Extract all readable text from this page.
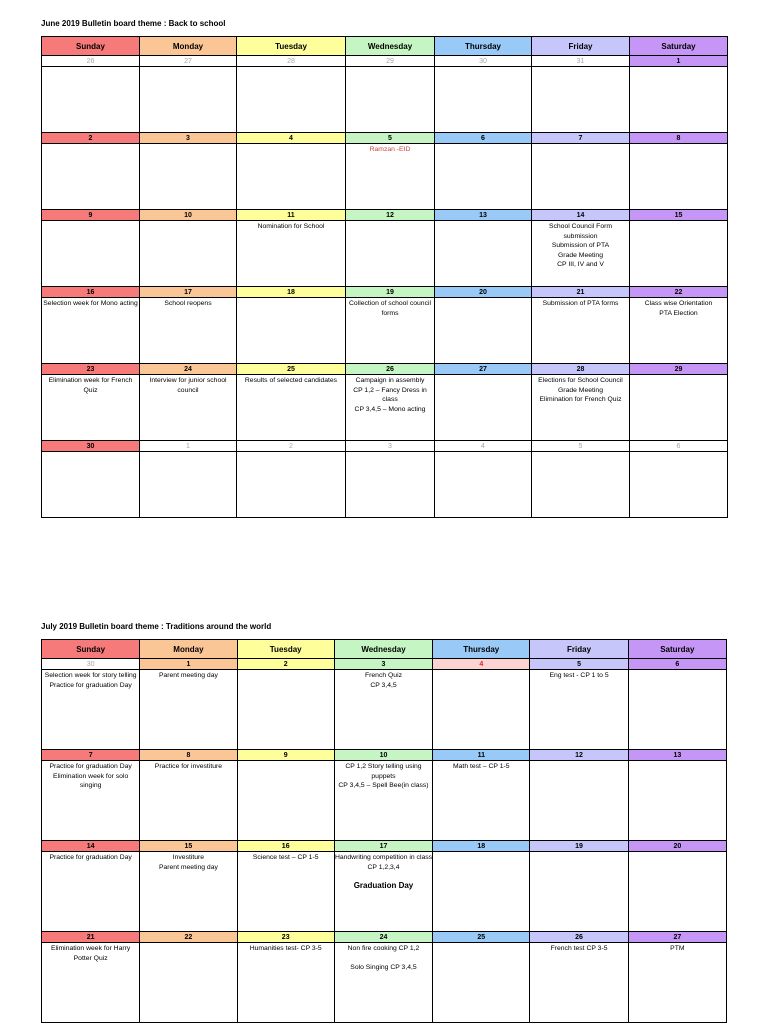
June 2019 Bulletin board theme : Back to school
Sunday	Monday	Tuesday	Wednesday	Thursday	Friday	Saturday
26	27	28	29	30	31	1

2	3	4	5	6	7	8

			Ramzan -EID			

9	10	11	12	13	14	15

		Nomination for School			School Council Form submission
Submission of PTA
Grade Meeting
CP III, IV and V	

16	17	18	19	20	21	22

Selection week for Mono acting	School reopens		Collection of school council forms		Submission of PTA forms	Class wise Orientation
PTA Election

23	24	25	26	27	28	29

Elimination week for French Quiz	Interview for junior school council	Results of selected candidates	Campaign in assembly
CP 1,2 – Fancy Dress in class
CP 3,4,5 – Mono acting		Elections for School Council
Grade Meeting
Elimination for French Quiz	

30	1	2	3	4	5	6

July 2019 Bulletin board theme : Traditions around the world
Sunday	Monday	Tuesday	Wednesday	Thursday	Friday	Saturday
30	1	2	3	4	5	6

Selection week for story telling
Practice for graduation Day	Parent meeting day		French Quiz
CP 3,4,5		Eng test - CP 1 to 5	

7	8	9	10	11	12	13

Practice for graduation Day
Elimination week for solo singing	Practice for investiture		CP 1,2 Story telling using puppets
CP 3,4,5 – Spell Bee(in class)	Math test – CP 1-5		

14	15	16	17	18	19	20

Practice for graduation Day	Investiture
Parent meeting day	Science test – CP 1-5	Handwriting competition in class CP 1,2,3,4
Graduation Day			

21	22	23	24	25	26	27

Elimination week for Harry Potter Quiz		Humanities test- CP 3-5	Non fire cooking CP 1,2
Solo Singing CP 3,4,5		French test CP 3-5	PTM
